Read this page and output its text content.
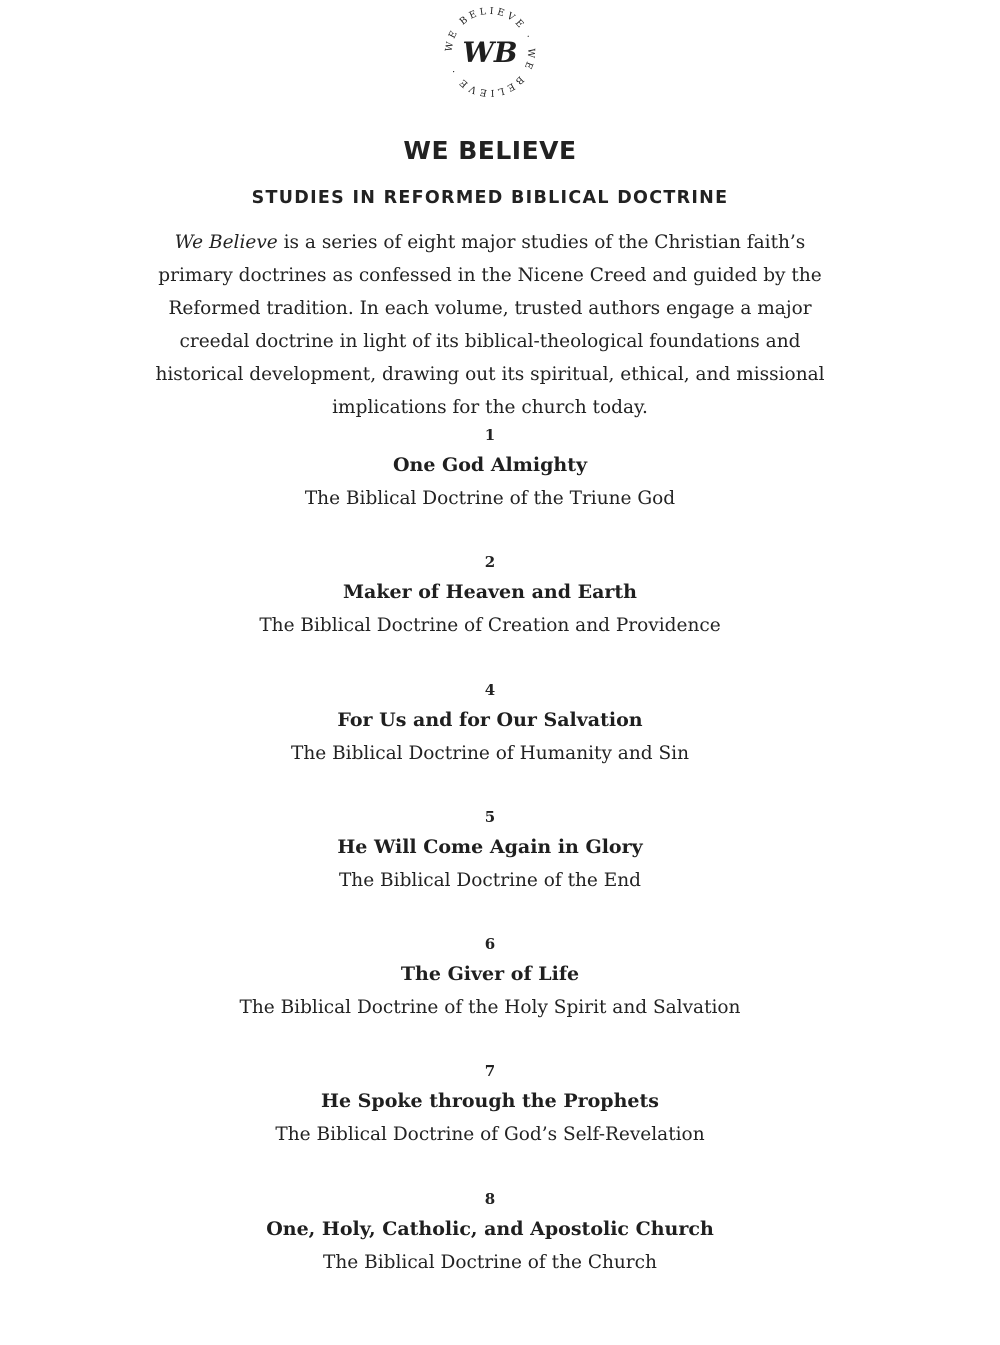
WE BELIEVE · WE BELIEVE ·
WB
WE BELIEVE
STUDIES IN REFORMED BIBLICAL DOCTRINE

We Believe is a series of eight major studies of the Christian faith’s primary doctrines as confessed in the Nicene Creed and guided by the Reformed tradition. In each volume, trusted authors engage a major creedal doctrine in light of its biblical-theological foundations and historical development, drawing out its spiritual, ethical, and missional implications for the church today.

1
One God Almighty
The Biblical Doctrine of the Triune God
2
Maker of Heaven and Earth
The Biblical Doctrine of Creation and Providence
4
For Us and for Our Salvation
The Biblical Doctrine of Humanity and Sin
5
He Will Come Again in Glory
The Biblical Doctrine of the End
6
The Giver of Life
The Biblical Doctrine of the Holy Spirit and Salvation
7
He Spoke through the Prophets
The Biblical Doctrine of God’s Self-Revelation
8
One, Holy, Catholic, and Apostolic Church
The Biblical Doctrine of the Church
